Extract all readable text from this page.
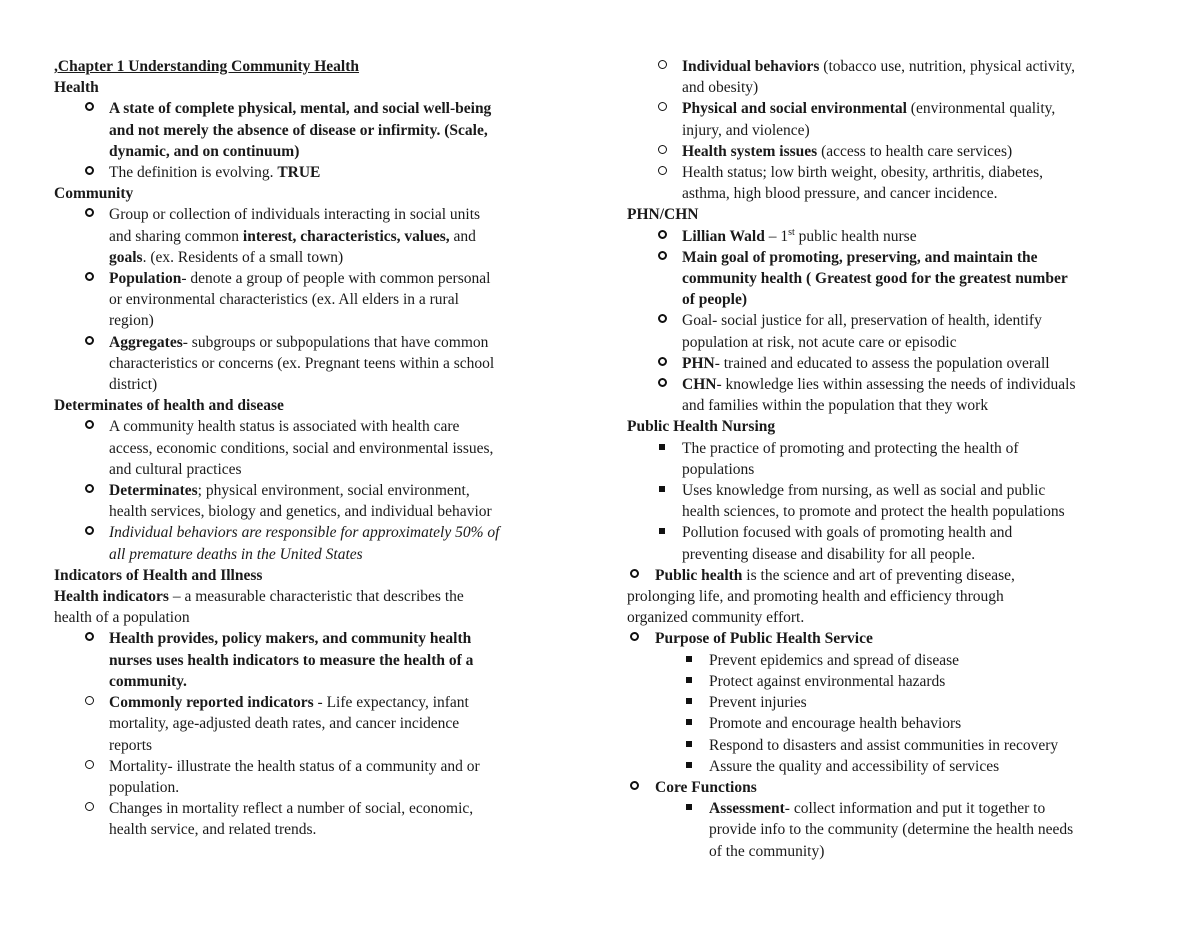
,Chapter 1 Understanding Community Health
Health
A state of complete physical, mental, and social well-being
and not merely the absence of disease or infirmity. (Scale,
dynamic, and on continuum)
The definition is evolving. TRUE
Community
Group or collection of individuals interacting in social units
and sharing common interest, characteristics, values, and
goals. (ex. Residents of a small town)
Population- denote a group of people with common personal
or environmental characteristics (ex. All elders in a rural
region)
Aggregates- subgroups or subpopulations that have common
characteristics or concerns (ex. Pregnant teens within a school
district)
Determinates of health and disease
A community health status is associated with health care
access, economic conditions, social and environmental issues,
and cultural practices
Determinates; physical environment, social environment,
health services, biology and genetics, and individual behavior
Individual behaviors are responsible for approximately 50% of
all premature deaths in the United States
Indicators of Health and Illness
Health indicators – a measurable characteristic that describes the
health of a population
Health provides, policy makers, and community health
nurses uses health indicators to measure the health of a
community.
Commonly reported indicators - Life expectancy, infant
mortality, age-adjusted death rates, and cancer incidence
reports
Mortality- illustrate the health status of a community and or
population.
Changes in mortality reflect a number of social, economic,
health service, and related trends.
Individual behaviors (tobacco use, nutrition, physical activity,
and obesity)
Physical and social environmental (environmental quality,
injury, and violence)
Health system issues (access to health care services)
Health status; low birth weight, obesity, arthritis, diabetes,
asthma, high blood pressure, and cancer incidence.
PHN/CHN
Lillian Wald – 1st public health nurse
Main goal of promoting, preserving, and maintain the
community health ( Greatest good for the greatest number
of people)
Goal- social justice for all, preservation of health, identify
population at risk, not acute care or episodic
PHN- trained and educated to assess the population overall
CHN- knowledge lies within assessing the needs of individuals
and families within the population that they work
Public Health Nursing
The practice of promoting and protecting the health of
populations
Uses knowledge from nursing, as well as social and public
health sciences, to promote and protect the health populations
Pollution focused with goals of promoting health and
preventing disease and disability for all people.
Public health is the science and art of preventing disease,
prolonging life, and promoting health and efficiency through
organized community effort.
Purpose of Public Health Service
Prevent epidemics and spread of disease
Protect against environmental hazards
Prevent injuries
Promote and encourage health behaviors
Respond to disasters and assist communities in recovery
Assure the quality and accessibility of services
Core Functions
Assessment- collect information and put it together to
provide info to the community (determine the health needs
of the community)
